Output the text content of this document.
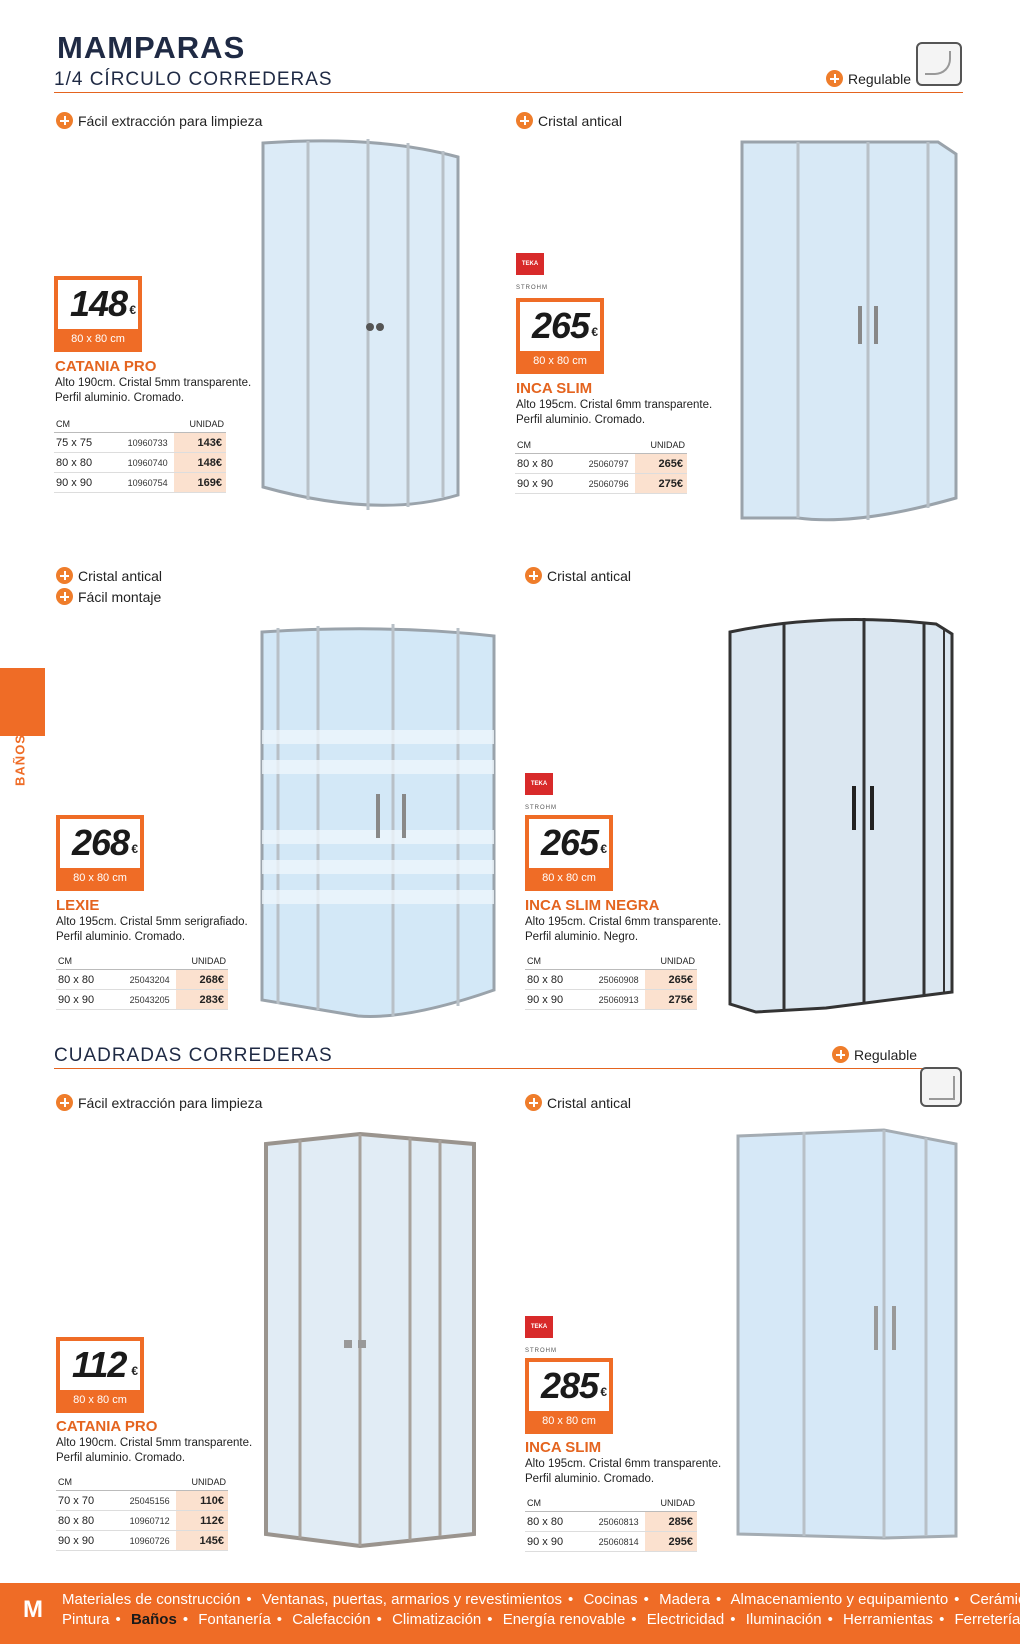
MAMPARAS
1/4 CÍRCULO CORREDERAS	Regulable
BAÑOS
CUADRADAS CORREDERAS	Regulable
Fácil extracción para limpieza
148 €
80 x 80 cm
CATANIA PRO
Alto 190cm. Cristal 5mm transparente.
Perfil aluminio. Cromado.
CM		UNIDAD
75 x 75	10960733	143€
80 x 80	10960740	148€
90 x 90	10960754	169€
Cristal antical
TEKA
STROHM
265 €
80 x 80 cm
INCA SLIM
Alto 195cm. Cristal 6mm transparente.
Perfil aluminio. Cromado.
CM		UNIDAD
80 x 80	25060797	265€
90 x 90	25060796	275€
Cristal antical
Fácil montaje
268 €
80 x 80 cm
LEXIE
Alto 195cm. Cristal 5mm serigrafiado.
Perfil aluminio. Cromado.
CM		UNIDAD
80 x 80	25043204	268€
90 x 90	25043205	283€
Cristal antical
TEKA
STROHM
265 €
80 x 80 cm
INCA SLIM NEGRA
Alto 195cm. Cristal 6mm transparente.
Perfil aluminio. Negro.
CM		UNIDAD
80 x 80	25060908	265€
90 x 90	25060913	275€
Fácil extracción para limpieza
112 €
80 x 80 cm
CATANIA PRO
Alto 190cm. Cristal 5mm transparente.
Perfil aluminio. Cromado.
CM		UNIDAD
70 x 70	25045156	110€
80 x 80	10960712	112€
90 x 90	10960726	145€
Cristal antical
TEKA
STROHM
285 €
80 x 80 cm
INCA SLIM
Alto 195cm. Cristal 6mm transparente.
Perfil aluminio. Cromado.
CM		UNIDAD
80 x 80	25060813	285€
90 x 90	25060814	295€
M	Materiales de construcción • Ventanas, puertas, armarios y revestimientos • Cocinas • Madera • Almacenamiento y equipamiento • Cerámica
Pintura • Baños • Fontanería • Calefacción • Climatización • Energía renovable • Electricidad • Iluminación • Herramientas • Ferretería
